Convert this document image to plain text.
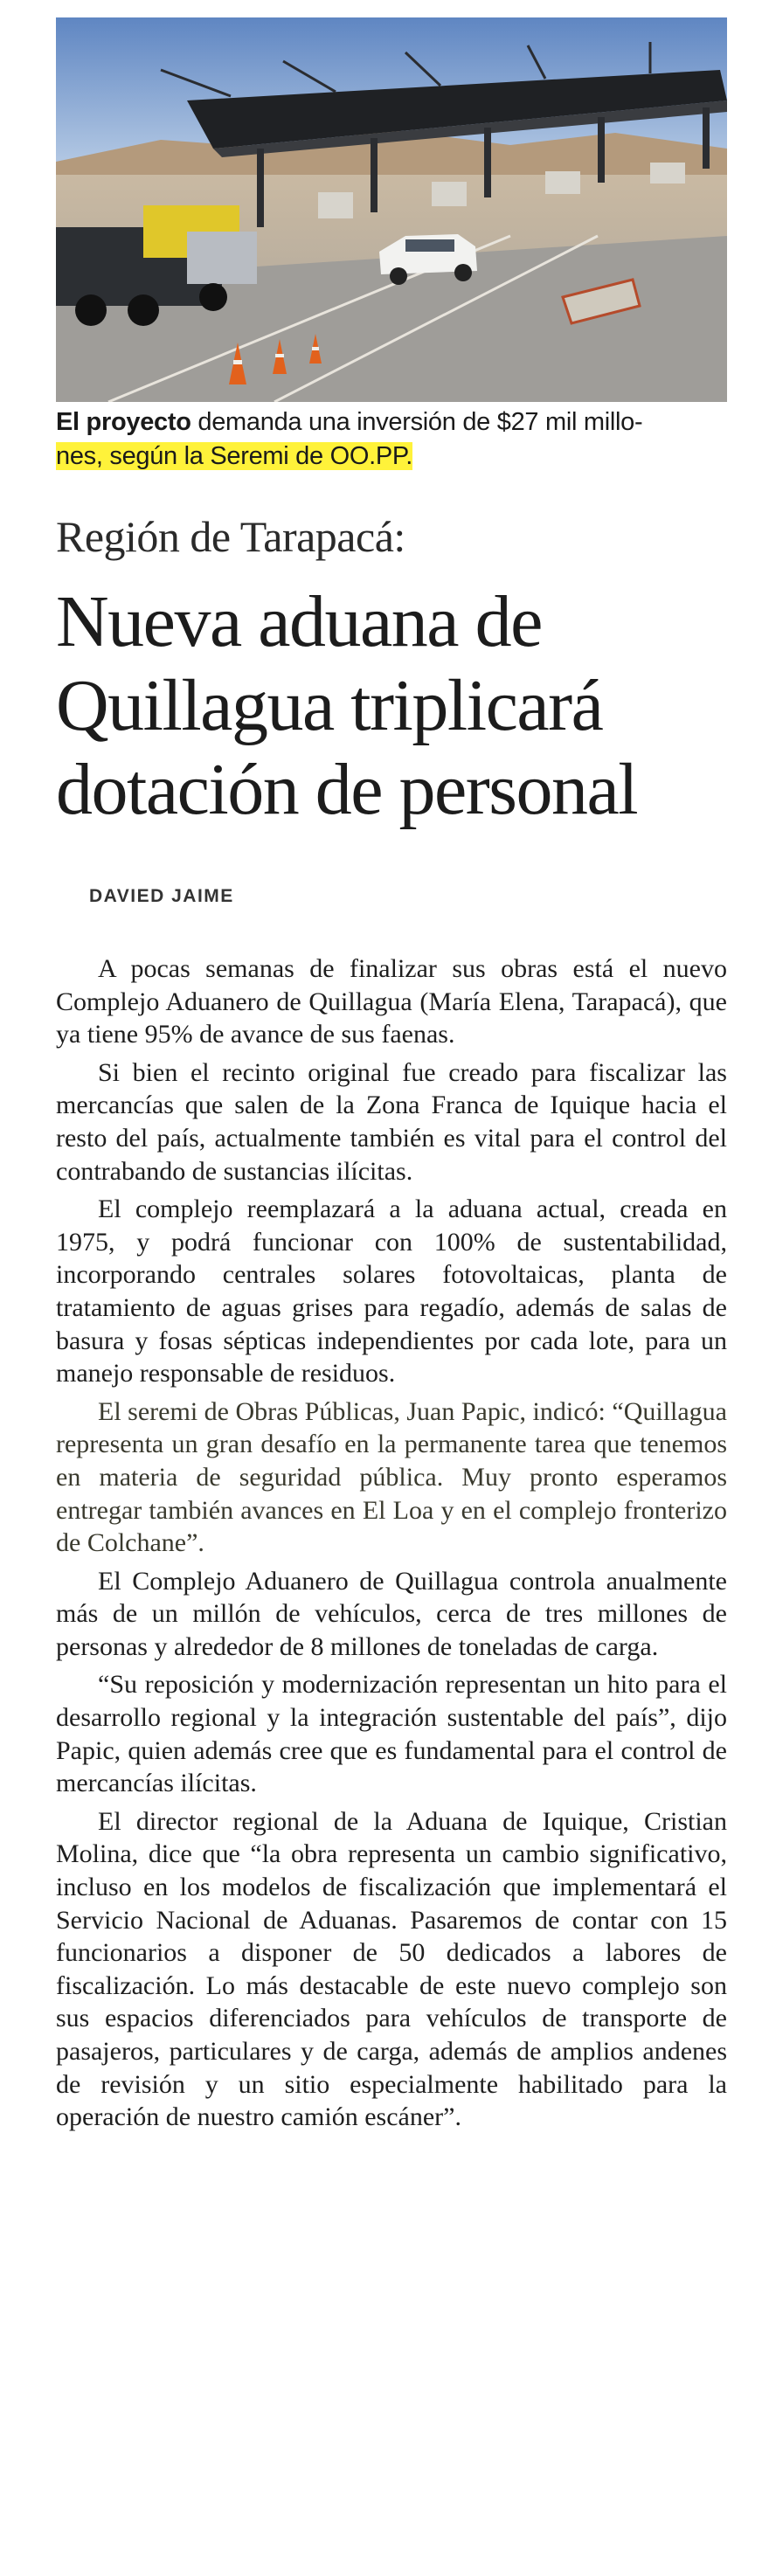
El proyecto demanda una inversión de $27 mil millo-
nes, según la Seremi de OO.PP.
Región de Tarapacá:
Nueva aduana de
Quillagua triplicará
dotación de personal
DAVIED JAIME

A pocas semanas de finalizar sus obras está el nuevo Complejo Aduanero de Quillagua (María Elena, Tarapacá), que ya tiene 95% de avance de sus faenas.

Si bien el recinto original fue creado para fiscalizar las mercancías que salen de la Zona Franca de Iquique hacia el resto del país, actualmente también es vital para el control del contrabando de sustancias ilícitas.

El complejo reemplazará a la aduana actual, creada en 1975, y podrá funcionar con 100% de sustentabilidad, incorporando centrales solares fotovoltaicas, planta de tratamiento de aguas grises para regadío, además de salas de basura y fosas sépticas independientes por cada lote, para un manejo responsable de residuos.

El seremi de Obras Públicas, Juan Papic, indicó: “Quillagua representa un gran desafío en la permanente tarea que tenemos en materia de seguridad pública. Muy pronto esperamos entregar también avances en El Loa y en el complejo fronterizo de Colchane”.

El Complejo Aduanero de Quillagua controla anualmente más de un millón de vehículos, cerca de tres millones de personas y alrededor de 8 millones de toneladas de carga.

“Su reposición y modernización representan un hito para el desarrollo regional y la integración sustentable del país”, dijo Papic, quien además cree que es fundamental para el control de mercancías ilícitas.

El director regional de la Aduana de Iquique, Cristian Molina, dice que “la obra representa un cambio significativo, incluso en los modelos de fiscalización que implementará el Servicio Nacional de Aduanas. Pasaremos de contar con 15 funcionarios a disponer de 50 dedicados a labores de fiscalización. Lo más destacable de este nuevo complejo son sus espacios diferenciados para vehículos de transporte de pasajeros, particulares y de carga, además de amplios andenes de revisión y un sitio especialmente habilitado para la operación de nuestro camión escáner”.
